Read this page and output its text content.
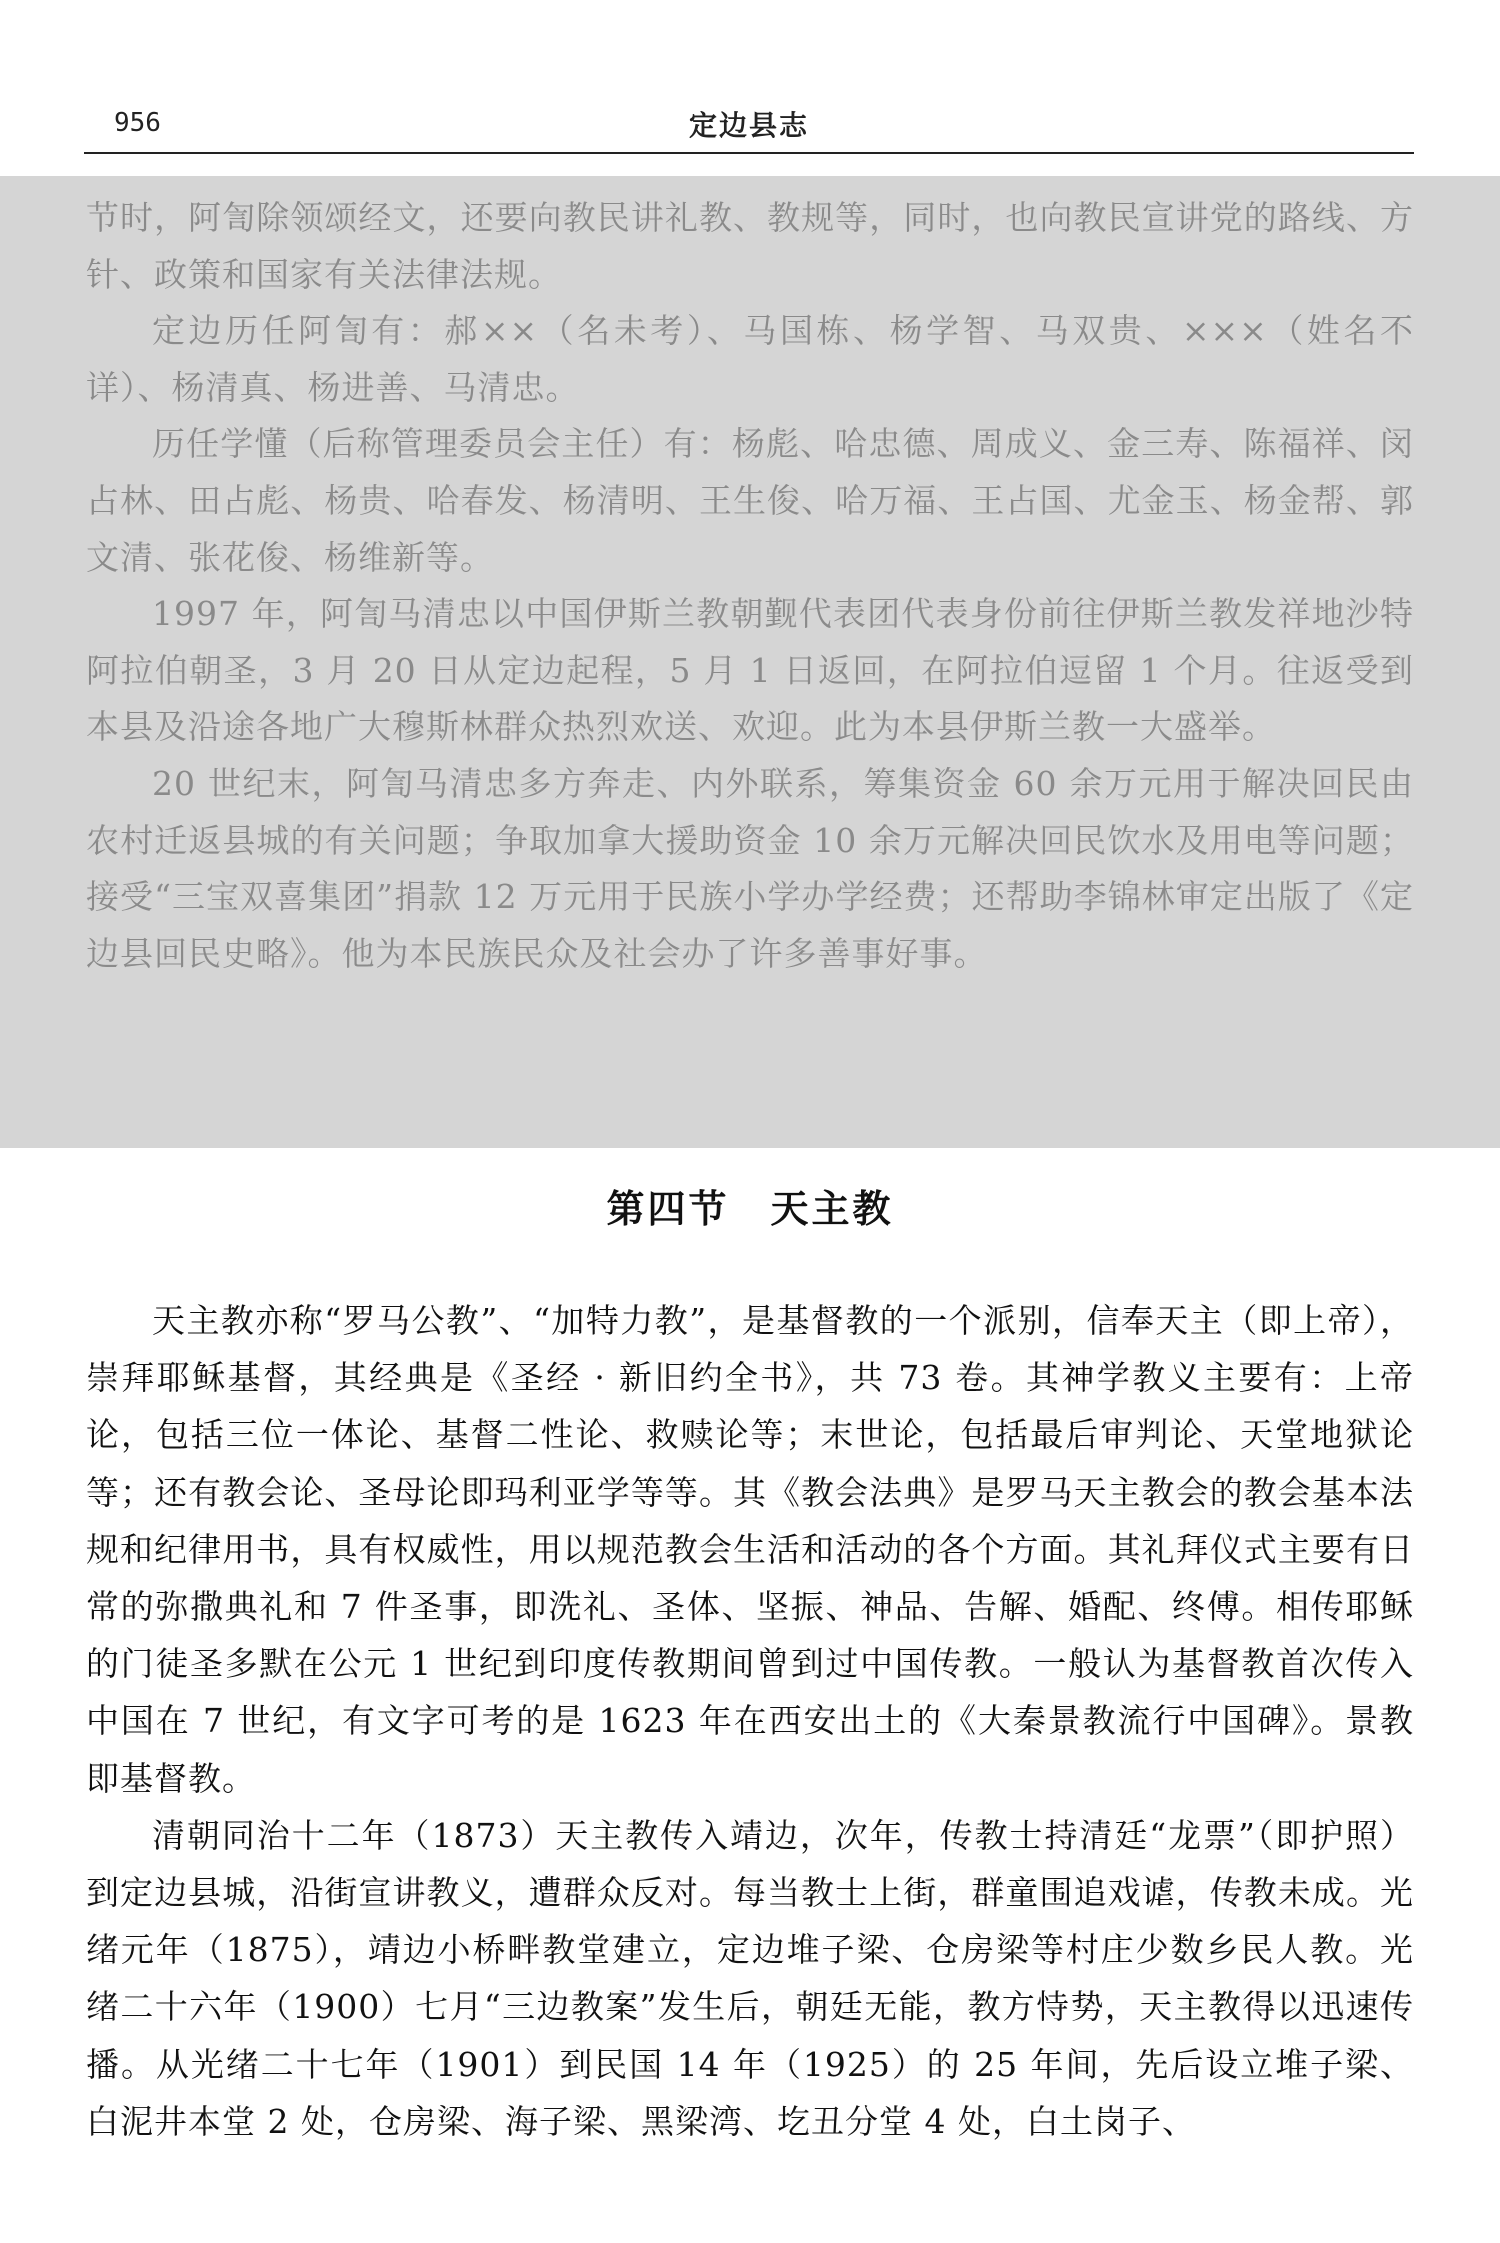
956	定边县志

节时，阿訇除领颂经文，还要向教民讲礼教、教规等，同时，也向教民宣讲党的路线、方针、政策和国家有关法律法规。

定边历任阿訇有：郝××（名未考）、马国栋、杨学智、马双贵、×××（姓名不详）、杨清真、杨进善、马清忠。

历任学懂（后称管理委员会主任）有：杨彪、哈忠德、周成义、金三寿、陈福祥、闵占林、田占彪、杨贵、哈春发、杨清明、王生俊、哈万福、王占国、尤金玉、杨金帮、郭文清、张花俊、杨维新等。

1997 年，阿訇马清忠以中国伊斯兰教朝觐代表团代表身份前往伊斯兰教发祥地沙特阿拉伯朝圣，3 月 20 日从定边起程，5 月 1 日返回，在阿拉伯逗留 1 个月。往返受到本县及沿途各地广大穆斯林群众热烈欢送、欢迎。此为本县伊斯兰教一大盛举。

20 世纪末，阿訇马清忠多方奔走、内外联系，筹集资金 60 余万元用于解决回民由农村迁返县城的有关问题；争取加拿大援助资金 10 余万元解决回民饮水及用电等问题；接受“三宝双喜集团”捐款 12 万元用于民族小学办学经费；还帮助李锦林审定出版了《定边县回民史略》。他为本民族民众及社会办了许多善事好事。

第四节　天主教

天主教亦称“罗马公教”、“加特力教”，是基督教的一个派别，信奉天主（即上帝），崇拜耶稣基督，其经典是《圣经 · 新旧约全书》，共 73 卷。其神学教义主要有：上帝论，包括三位一体论、基督二性论、救赎论等；末世论，包括最后审判论、天堂地狱论等；还有教会论、圣母论即玛利亚学等等。其《教会法典》是罗马天主教会的教会基本法规和纪律用书，具有权威性，用以规范教会生活和活动的各个方面。其礼拜仪式主要有日常的弥撒典礼和 7 件圣事，即洗礼、圣体、坚振、神品、告解、婚配、终傅。相传耶稣的门徒圣多默在公元 1 世纪到印度传教期间曾到过中国传教。一般认为基督教首次传入中国在 7 世纪，有文字可考的是 1623 年在西安出土的《大秦景教流行中国碑》。景教即基督教。

清朝同治十二年（1873）天主教传入靖边，次年，传教士持清廷“龙票”（即护照）到定边县城，沿街宣讲教义，遭群众反对。每当教士上街，群童围追戏谑，传教未成。光绪元年（1875），靖边小桥畔教堂建立，定边堆子梁、仓房梁等村庄少数乡民人教。光绪二十六年（1900）七月“三边教案”发生后，朝廷无能，教方恃势，天主教得以迅速传播。从光绪二十七年（1901）到民国 14 年（1925）的 25 年间，先后设立堆子梁、白泥井本堂 2 处，仓房梁、海子梁、黑梁湾、圪丑分堂 4 处，白土岗子、
